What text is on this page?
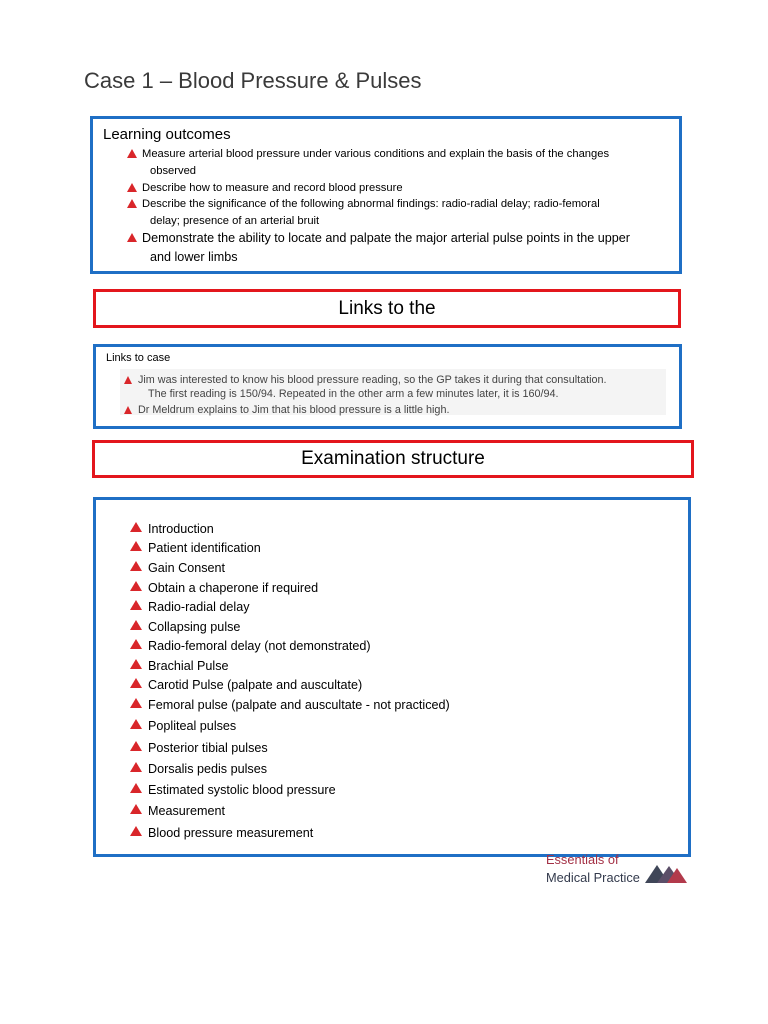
Case 1 – Blood Pressure & Pulses
Learning outcomes
Measure arterial blood pressure under various conditions and explain the basis of the changes
observed
Describe how to measure and record blood pressure
Describe the significance of the following abnormal findings: radio-radial delay; radio-femoral
delay; presence of an arterial bruit
Demonstrate the ability to locate and palpate the major arterial pulse points in the upper
and lower limbs
Links to the
Links to case
Jim was interested to know his blood pressure reading, so the GP takes it during that consultation.
The first reading is 150/94. Repeated in the other arm a few minutes later, it is 160/94.
Dr Meldrum explains to Jim that his blood pressure is a little high.
Examination structure
Introduction
Patient identification
Gain Consent
Obtain a chaperone if required
Radio-radial delay
Collapsing pulse
Radio-femoral delay (not demonstrated)
Brachial Pulse
Carotid Pulse (palpate and auscultate)
Femoral pulse (palpate and auscultate - not practiced)
Popliteal pulses
Posterior tibial pulses
Dorsalis pedis pulses
Estimated systolic blood pressure
Measurement
Blood pressure measurement
Essentials of
Medical Practice
